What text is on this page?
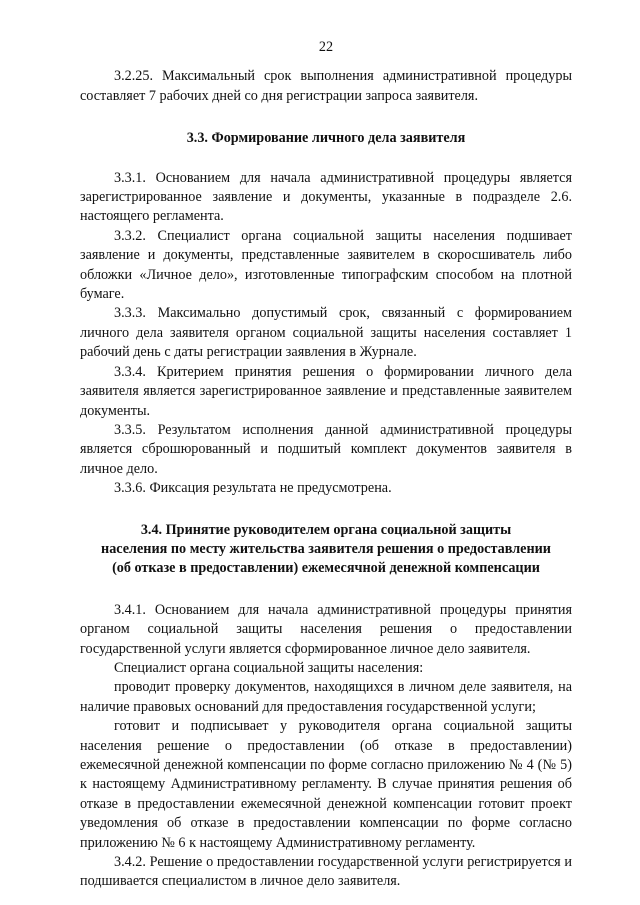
22

3.2.25. Максимальный срок выполнения административной процедуры составляет 7 рабочих дней со дня регистрации запроса заявителя.

3.3. Формирование личного дела заявителя

3.3.1. Основанием для начала административной процедуры является зарегистрированное заявление и документы, указанные в подразделе 2.6. настоящего регламента.

3.3.2. Специалист органа социальной защиты населения подшивает заявление и документы, представленные заявителем в скоросшиватель либо обложки «Личное дело», изготовленные типографским способом на плотной бумаге.

3.3.3. Максимально допустимый срок, связанный с формированием личного дела заявителя органом социальной защиты населения составляет 1 рабочий день с даты регистрации заявления в Журнале.

3.3.4. Критерием принятия решения о формировании личного дела заявителя является зарегистрированное заявление и представленные заявителем документы.

3.3.5. Результатом исполнения данной административной процедуры является сброшюрованный и подшитый комплект документов заявителя в личное дело.

3.3.6. Фиксация результата не предусмотрена.

3.4. Принятие руководителем органа социальной защиты
населения по месту жительства заявителя решения о предоставлении
(об отказе в предоставлении) ежемесячной денежной компенсации

3.4.1. Основанием для начала административной процедуры принятия органом социальной защиты населения решения о предоставлении государственной услуги является сформированное личное дело заявителя.

Специалист органа социальной защиты населения:

проводит проверку документов, находящихся в личном деле заявителя, на наличие правовых оснований для предоставления государственной услуги;

готовит и подписывает у руководителя органа социальной защиты населения решение о предоставлении (об отказе в предоставлении) ежемесячной денежной компенсации по форме согласно приложению № 4 (№ 5) к настоящему Административному регламенту. В случае принятия решения об отказе в предоставлении ежемесячной денежной компенсации готовит проект уведомления об отказе в предоставлении компенсации по форме согласно приложению № 6 к настоящему Административному регламенту.

3.4.2. Решение о предоставлении государственной услуги регистрируется и подшивается специалистом в личное дело заявителя.
